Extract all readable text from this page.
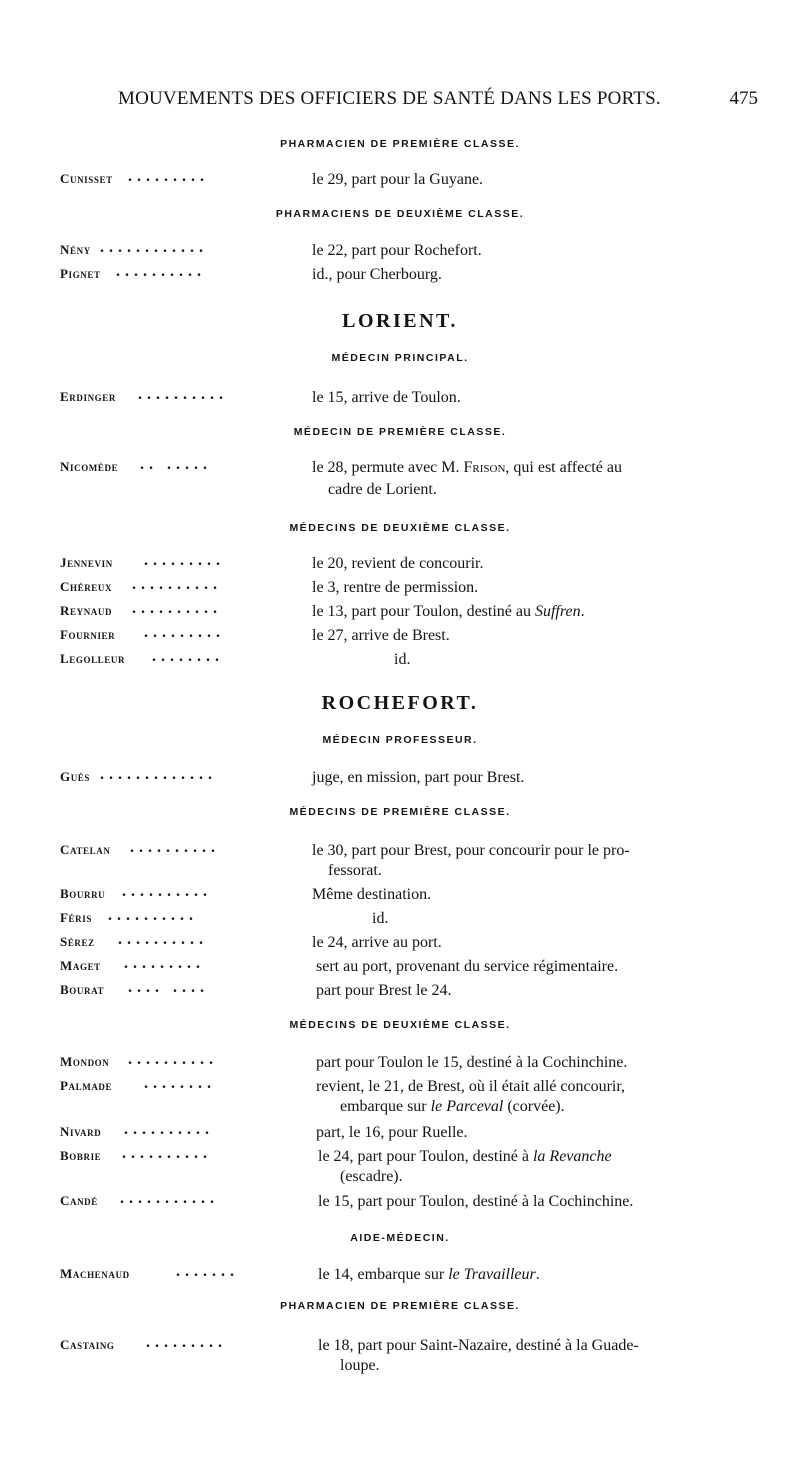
MOUVEMENTS DES OFFICIERS DE SANTÉ DANS LES PORTS.	475
PHARMACIEN DE PREMIÈRE CLASSE.
Cunisset .........	le 29, part pour la Guyane.
PHARMACIENS DE DEUXIÈME CLASSE.
Nény ............	le 22, part pour Rochefort.
Pignet ..........	id., pour Cherbourg.
LORIENT.
MÉDECIN PRINCIPAL.
Erdinger ..........	le 15, arrive de Toulon.
MÉDECIN DE PREMIÈRE CLASSE.
Nicomède .. .....	le 28, permute avec M. Frison, qui est affecté au
cadre de Lorient.
MÉDECINS DE DEUXIÈME CLASSE.
Jennevin .........	le 20, revient de concourir.
Chéreux ..........	le 3, rentre de permission.
Reynaud ..........	le 13, part pour Toulon, destiné au Suffren.
Fournier .........	le 27, arrive de Brest.
Legolleur ........	id.
ROCHEFORT.
MÉDECIN PROFESSEUR.
Guès .............	juge, en mission, part pour Brest.
MÉDECINS DE PREMIÈRE CLASSE.
Catelan ..........	le 30, part pour Brest, pour concourir pour le pro-
fessorat.
Bourru ..........	Même destination.
Féris ..........	id.
Sérez ..........	le 24, arrive au port.
Maget .........	sert au port, provenant du service régimentaire.
Bourat .... ....	part pour Brest le 24.
MÉDECINS DE DEUXIÈME CLASSE.
Mondon ..........	part pour Toulon le 15, destiné à la Cochinchine.
Palmade ........	revient, le 21, de Brest, où il était allé concourir,
embarque sur le Parceval (corvée).
Nivard ..........	part, le 16, pour Ruelle.
Bobrie ..........	le 24, part pour Toulon, destiné à la Revanche
(escadre).
Candé ...........	le 15, part pour Toulon, destiné à la Cochinchine.
AIDE-MÉDECIN.
Machenaud	.......	le 14, embarque sur le Travailleur.
PHARMACIEN DE PREMIÈRE CLASSE.
Castaing .........	le 18, part pour Saint-Nazaire, destiné à la Guade-
loupe.
